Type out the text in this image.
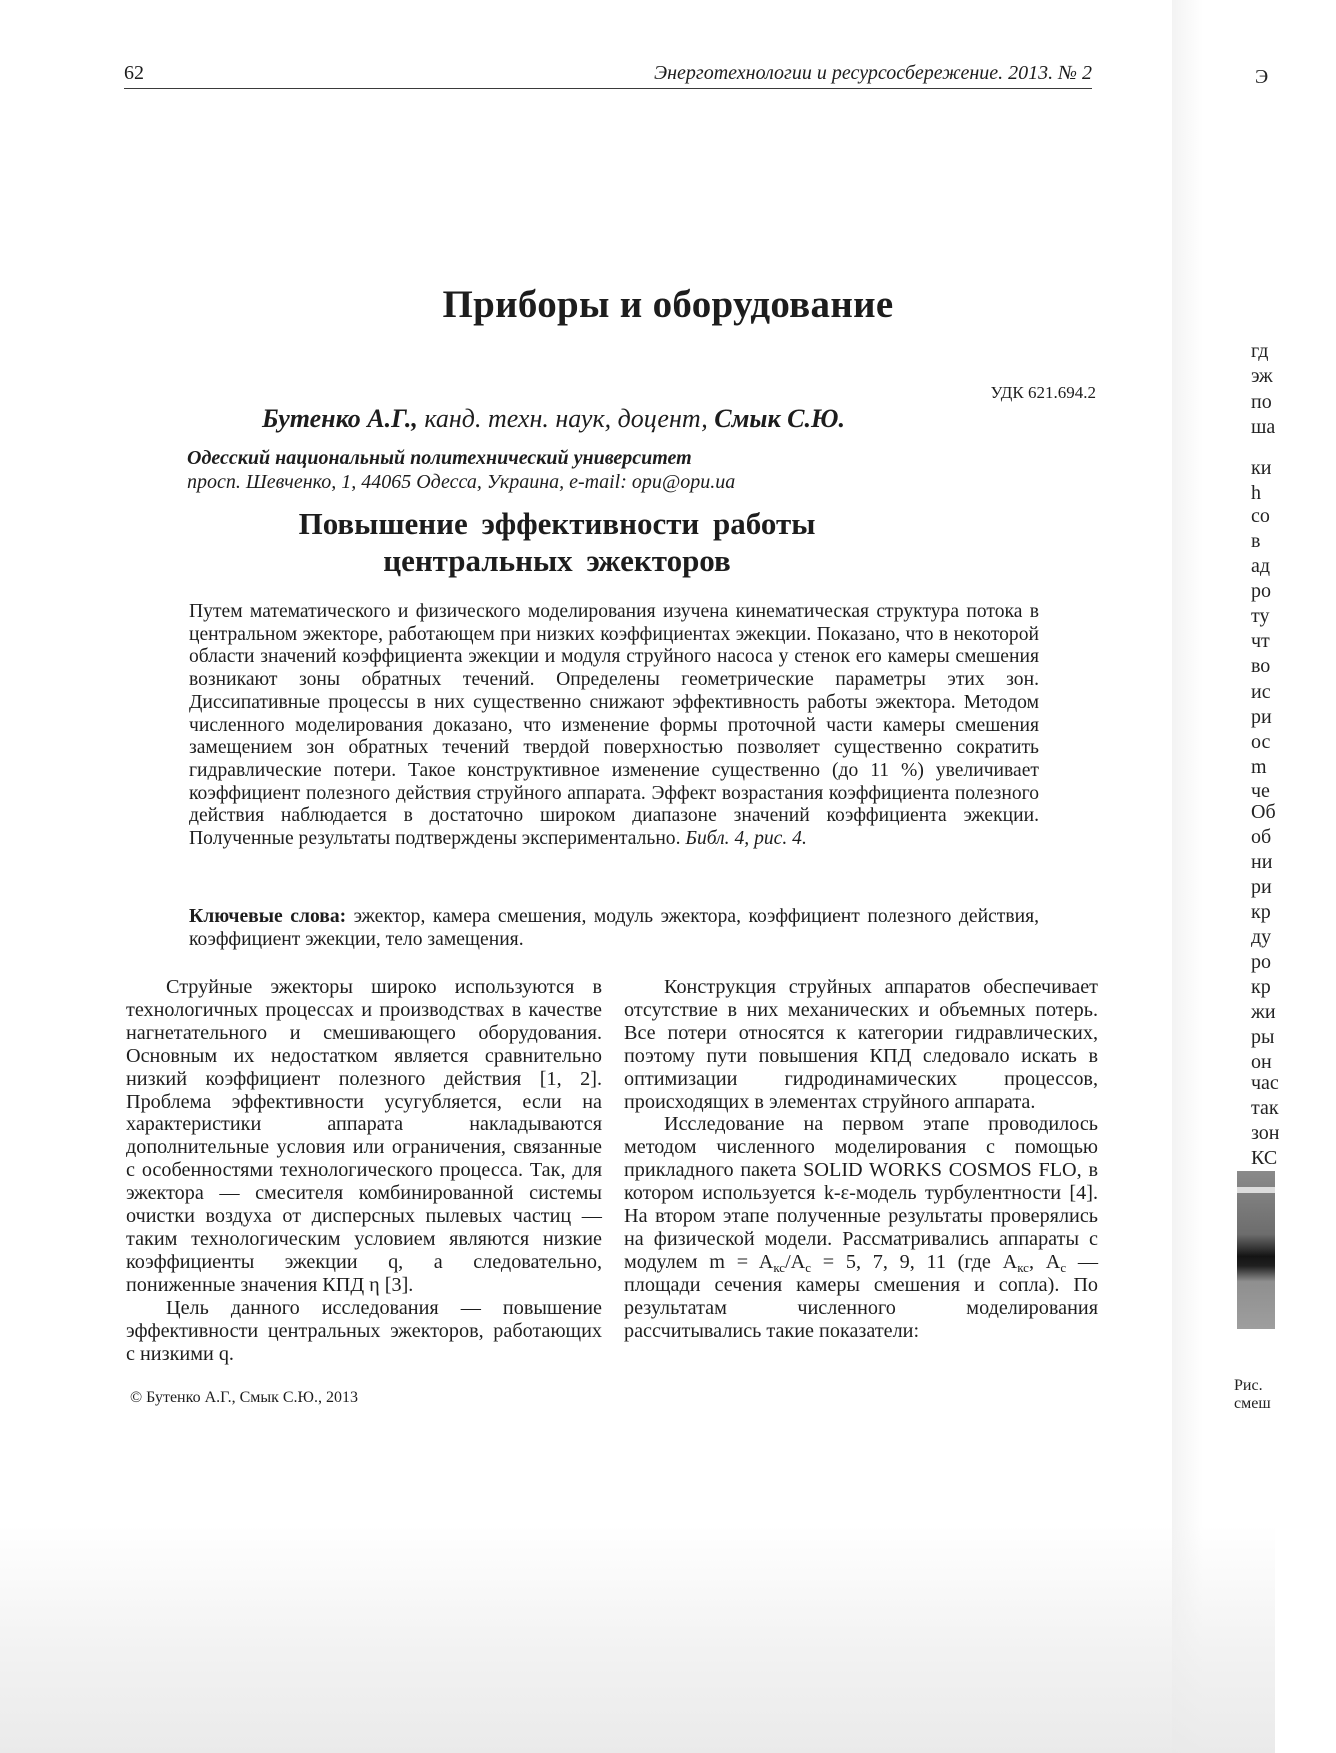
62	Энерготехнологии и ресурсосбережение. 2013. № 2
Приборы и оборудование
УДК 621.694.2
Бутенко А.Г., канд. техн. наук, доцент, Смык С.Ю.
Одесский национальный политехнический университет
просп. Шевченко, 1, 44065 Одесса, Украина, e-mail: opu@opu.ua
Повышение эффективности работы
центральных эжекторов
Путем математического и физического моделирования изучена кинематическая структура потока в центральном эжекторе, работающем при низких коэффициентах эжекции. Показано, что в некоторой области значений коэффициента эжекции и модуля струйного насоса у стенок его камеры смешения возникают зоны обратных течений. Определены геометрические параметры этих зон. Диссипативные процессы в них существенно снижают эффективность работы эжектора. Методом численного моделирования доказано, что изменение формы проточной части камеры смешения замещением зон обратных течений твердой поверхностью позволяет существенно сократить гидравлические потери. Такое конструктивное изменение существенно (до 11 %) увеличивает коэффициент полезного действия струйного аппарата. Эффект возрастания коэффициента полезного действия наблюдается в достаточно широком диапазоне значений коэффициента эжекции. Полученные результаты подтверждены экспериментально. Библ. 4, рис. 4.
Ключевые слова: эжектор, камера смешения, модуль эжектора, коэффициент полезного действия, коэффициент эжекции, тело замещения.

Струйные эжекторы широко используются в технологичных процессах и производствах в качестве нагнетательного и смешивающего оборудования. Основным их недостатком является сравнительно низкий коэффициент полезного действия [1, 2]. Проблема эффективности усугубляется, если на характеристики аппарата накладываются дополнительные условия или ограничения, связанные с особенностями технологического процесса. Так, для эжектора — смесителя комбинированной системы очистки воздуха от дисперсных пылевых частиц — таким технологическим условием являются низкие коэффициенты эжекции q, а следовательно, пониженные значения КПД η [3].

Цель данного исследования — повышение эффективности центральных эжекторов, работающих с низкими q.

Конструкция струйных аппаратов обеспечивает отсутствие в них механических и объемных потерь. Все потери относятся к категории гидравлических, поэтому пути повышения КПД следовало искать в оптимизации гидродинамических процессов, происходящих в элементах струйного аппарата.

Исследование на первом этапе проводилось методом численного моделирования с помощью прикладного пакета SOLID WORKS COSMOS FLO, в котором используется k-ε-модель турбулентности [4]. На втором этапе полученные результаты проверялись на физической модели. Рассматривались аппараты с модулем $m = A_{кс}/A_с = 5$, 7, 9, 11 (где $A_{кс}$, $A_с$ — площади сечения камеры смешения и сопла). По результатам численного моделирования рассчитывались такие показатели:

© Бутенко А.Г., Смык С.Ю., 2013
Э
гд
эж
по
ша
ки
h
со
в
ад
ро
ту
чт
во
ис
ри
ос
m
че
Об
об
ни
ри
кр
ду
ро
кр
жи
ры
он
час
так
зон
КС
Рис.
смеш
